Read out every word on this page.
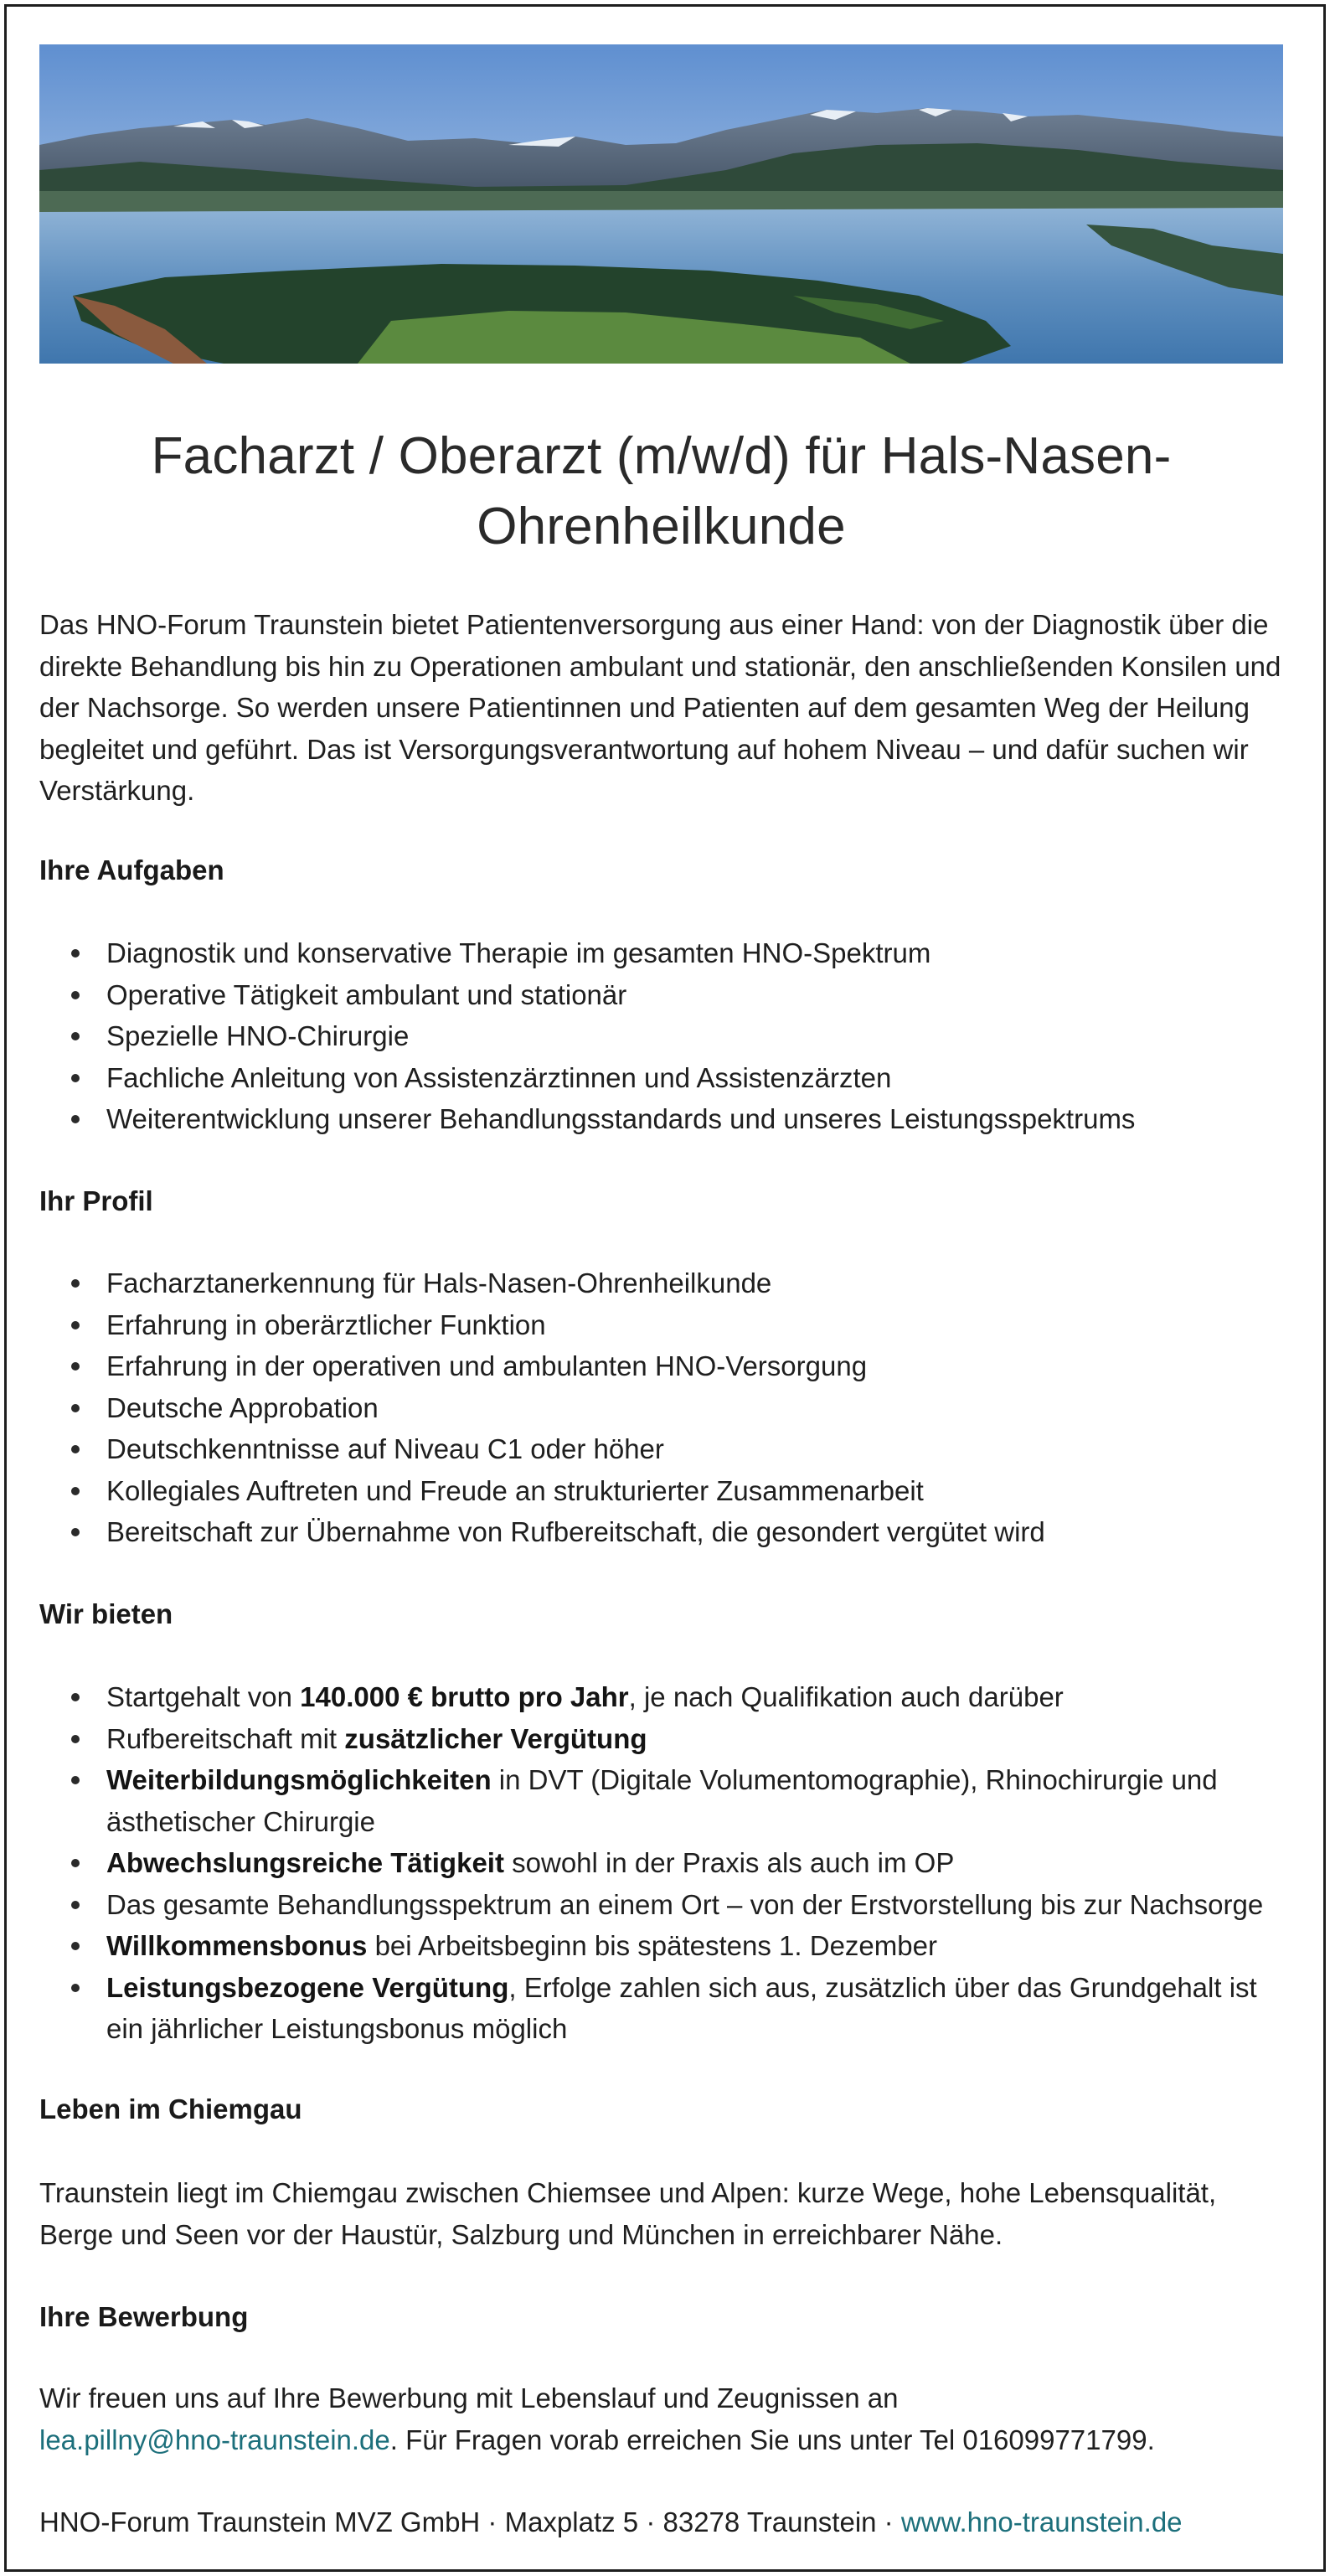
Facharzt / Oberarzt (m/w/d) für Hals-Nasen-Ohrenheilkunde

Das HNO-Forum Traunstein bietet Patientenversorgung aus einer Hand: von der Diagnostik über die direkte Behandlung bis hin zu Operationen ambulant und stationär, den anschließenden Konsilen und der Nachsorge. So werden unsere Patientinnen und Patienten auf dem gesamten Weg der Heilung begleitet und geführt. Das ist Versorgungsverantwortung auf hohem Niveau – und dafür suchen wir Verstärkung.

Ihre Aufgaben
Diagnostik und konservative Therapie im gesamten HNO-Spektrum
Operative Tätigkeit ambulant und stationär
Spezielle HNO-Chirurgie
Fachliche Anleitung von Assistenzärztinnen und Assistenzärzten
Weiterentwicklung unserer Behandlungsstandards und unseres Leistungsspektrums
Ihr Profil
Facharztanerkennung für Hals-Nasen-Ohrenheilkunde
Erfahrung in oberärztlicher Funktion
Erfahrung in der operativen und ambulanten HNO-Versorgung
Deutsche Approbation
Deutschkenntnisse auf Niveau C1 oder höher
Kollegiales Auftreten und Freude an strukturierter Zusammenarbeit
Bereitschaft zur Übernahme von Rufbereitschaft, die gesondert vergütet wird
Wir bieten
Startgehalt von 140.000 € brutto pro Jahr, je nach Qualifikation auch darüber
Rufbereitschaft mit zusätzlicher Vergütung
Weiterbildungsmöglichkeiten in DVT (Digitale Volumentomographie), Rhinochirurgie und ästhetischer Chirurgie
Abwechslungsreiche Tätigkeit sowohl in der Praxis als auch im OP
Das gesamte Behandlungsspektrum an einem Ort – von der Erstvorstellung bis zur Nachsorge
Willkommensbonus bei Arbeitsbeginn bis spätestens 1. Dezember
Leistungsbezogene Vergütung, Erfolge zahlen sich aus, zusätzlich über das Grundgehalt ist ein jährlicher Leistungsbonus möglich
Leben im Chiemgau

Traunstein liegt im Chiemgau zwischen Chiemsee und Alpen: kurze Wege, hohe Lebensqualität, Berge und Seen vor der Haustür, Salzburg und München in erreichbarer Nähe.

Ihre Bewerbung

Wir freuen uns auf Ihre Bewerbung mit Lebenslauf und Zeugnissen an
lea.pillny@hno-traunstein.de. Für Fragen vorab erreichen Sie uns unter Tel 016099771799.

HNO-Forum Traunstein MVZ GmbH · Maxplatz 5 · 83278 Traunstein · www.hno-traunstein.de
